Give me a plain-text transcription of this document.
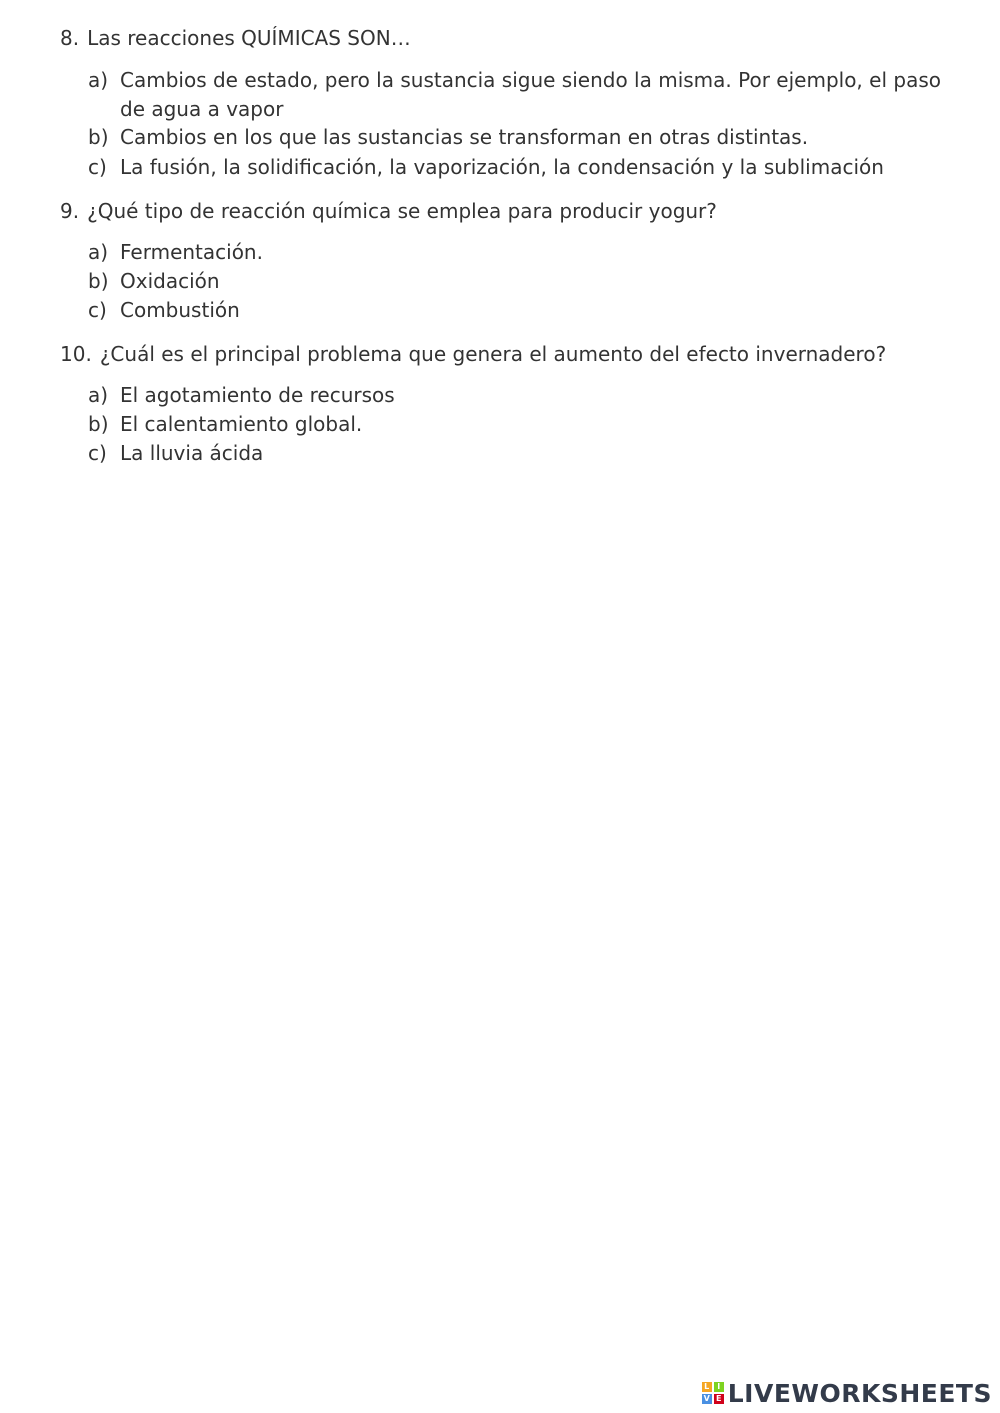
8. Las reacciones QUÍMICAS SON…
a) Cambios de estado, pero la sustancia sigue siendo la misma. Por ejemplo, el paso de agua a vapor
b) Cambios en los que las sustancias se transforman en otras distintas.
c) La fusión, la solidificación, la vaporización, la condensación y la sublimación
9. ¿Qué tipo de reacción química se emplea para producir yogur?
a) Fermentación.
b) Oxidación
c) Combustión
10. ¿Cuál es el principal problema que genera el aumento del efecto invernadero?
a) El agotamiento de recursos
b) El calentamiento global.
c) La lluvia ácida
L I
V E LIVEWORKSHEETS
